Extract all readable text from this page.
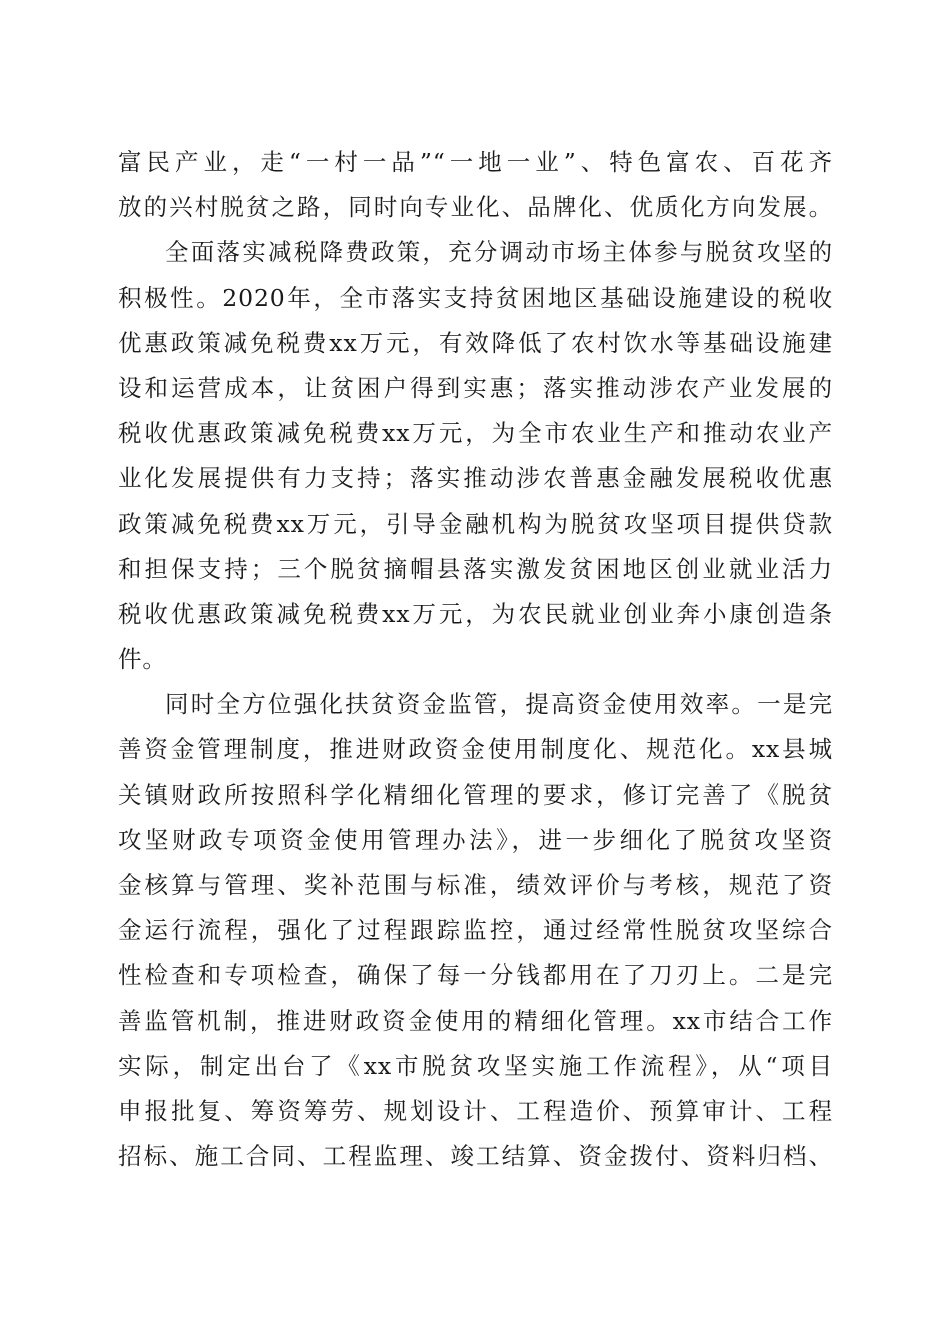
富民产业，走“一村一品”“一地一业”、特色富农、百花齐
放的兴村脱贫之路，同时向专业化、品牌化、优质化方向发展。
全面落实减税降费政策，充分调动市场主体参与脱贫攻坚的
积极性。2020年，全市落实支持贫困地区基础设施建设的税收
优惠政策减免税费xx万元，有效降低了农村饮水等基础设施建
设和运营成本，让贫困户得到实惠；落实推动涉农产业发展的
税收优惠政策减免税费xx万元，为全市农业生产和推动农业产
业化发展提供有力支持；落实推动涉农普惠金融发展税收优惠
政策减免税费xx万元，引导金融机构为脱贫攻坚项目提供贷款
和担保支持；三个脱贫摘帽县落实激发贫困地区创业就业活力
税收优惠政策减免税费xx万元，为农民就业创业奔小康创造条
件。
同时全方位强化扶贫资金监管，提高资金使用效率。一是完
善资金管理制度，推进财政资金使用制度化、规范化。xx县城
关镇财政所按照科学化精细化管理的要求，修订完善了《脱贫
攻坚财政专项资金使用管理办法》，进一步细化了脱贫攻坚资
金核算与管理、奖补范围与标准，绩效评价与考核，规范了资
金运行流程，强化了过程跟踪监控，通过经常性脱贫攻坚综合
性检查和专项检查，确保了每一分钱都用在了刀刃上。二是完
善监管机制，推进财政资金使用的精细化管理。xx市结合工作
实际，制定出台了《xx市脱贫攻坚实施工作流程》，从“项目
申报批复、筹资筹劳、规划设计、工程造价、预算审计、工程
招标、施工合同、工程监理、竣工结算、资金拨付、资料归档、
